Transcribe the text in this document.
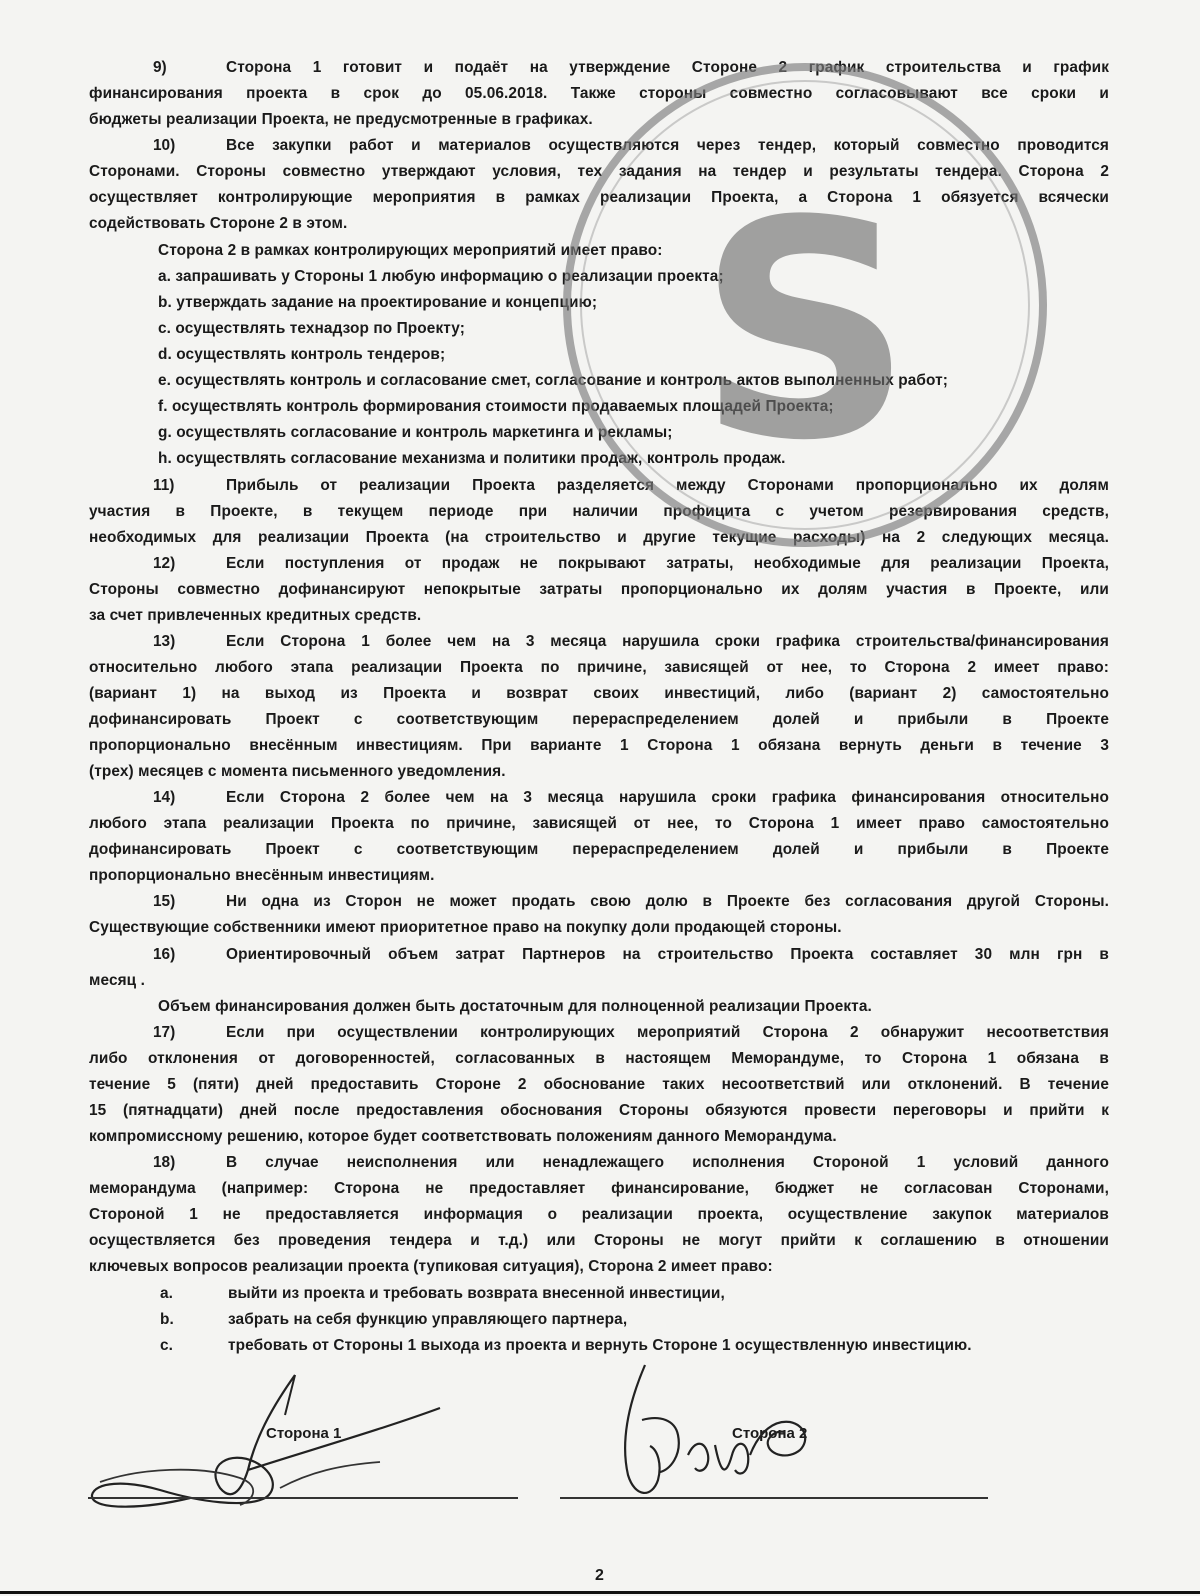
9)	Сторона 1 готовит и подаёт на утверждение Стороне 2 график строительства и график
финансирования проекта в срок до 05.06.2018. Также стороны совместно согласовывают все сроки и
бюджеты реализации Проекта, не предусмотренные в графиках.
10)	Все закупки работ и материалов осуществляются через тендер, который совместно проводится
Сторонами. Стороны совместно утверждают условия, тех задания на тендер и результаты тендера. Сторона 2
осуществляет контролирующие мероприятия в рамках реализации Проекта, а Сторона 1 обязуется всячески
содействовать Стороне 2 в этом.
Сторона 2 в рамках контролирующих мероприятий имеет право:
a. запрашивать у Стороны 1 любую информацию о реализации проекта;
b. утверждать задание на проектирование и концепцию;
c. осуществлять технадзор по Проекту;
d. осуществлять контроль тендеров;
e. осуществлять контроль и согласование смет, согласование и контроль актов выполненных работ;
f. осуществлять контроль формирования стоимости продаваемых площадей Проекта;
g. осуществлять согласование и контроль маркетинга и рекламы;
h. осуществлять согласование механизма и политики продаж, контроль продаж.
11)	Прибыль от реализации Проекта разделяется между Сторонами пропорционально их долям
участия в Проекте, в текущем периоде при наличии профицита с учетом резервирования средств,
необходимых для реализации Проекта (на строительство и другие текущие расходы) на 2 следующих месяца.
12)	Если поступления от продаж не покрывают затраты, необходимые для реализации Проекта,
Стороны совместно дофинансируют непокрытые затраты пропорционально их долям участия в Проекте, или
за счет привлеченных кредитных средств.
13)	Если Сторона 1 более чем на 3 месяца нарушила сроки графика строительства/финансирования
относительно любого этапа реализации Проекта по причине, зависящей от нее, то Сторона 2 имеет право:
(вариант 1) на выход из Проекта и возврат своих инвестиций, либо (вариант 2) самостоятельно
дофинансировать Проект с соответствующим перераспределением долей и прибыли в Проекте
пропорционально внесённым инвестициям. При варианте 1 Сторона 1 обязана вернуть деньги в течение 3
(трех) месяцев с момента письменного уведомления.
14)	Если Сторона 2 более чем на 3 месяца нарушила сроки графика финансирования относительно
любого этапа реализации Проекта по причине, зависящей от нее, то Сторона 1 имеет право самостоятельно
дофинансировать Проект с соответствующим перераспределением долей и прибыли в Проекте
пропорционально внесённым инвестициям.
15)	Ни одна из Сторон не может продать свою долю в Проекте без согласования другой Стороны.
Существующие собственники имеют приоритетное право на покупку доли продающей стороны.
16)	Ориентировочный объем затрат Партнеров на строительство Проекта составляет 30 млн грн в
месяц .
Объем финансирования должен быть достаточным для полноценной реализации Проекта.
17)	Если при осуществлении контролирующих мероприятий Сторона 2 обнаружит несоответствия
либо отклонения от договоренностей, согласованных в настоящем Меморандуме, то Сторона 1 обязана в
течение 5 (пяти) дней предоставить Стороне 2 обоснование таких несоответствий или отклонений. В течение
15 (пятнадцати) дней после предоставления обоснования Стороны обязуются провести переговоры и прийти к
компромиссному решению, которое будет соответствовать положениям данного Меморандума.
18)	В случае неисполнения или ненадлежащего исполнения Стороной 1 условий данного
меморандума (например: Сторона не предоставляет финансирование, бюджет не согласован Сторонами,
Стороной 1 не предоставляется информация о реализации проекта, осуществление закупок материалов
осуществляется без проведения тендера и т.д.) или Стороны не могут прийти к соглашению в отношении
ключевых вопросов реализации проекта (тупиковая ситуация), Сторона 2 имеет право:
a.	выйти из проекта и требовать возврата внесенной инвестиции,
b.	забрать на себя функцию управляющего партнера,
c.	требовать от Стороны 1 выхода из проекта и вернуть Стороне 1 осуществленную инвестицию.
S
Сторона 1	Сторона 2
2
